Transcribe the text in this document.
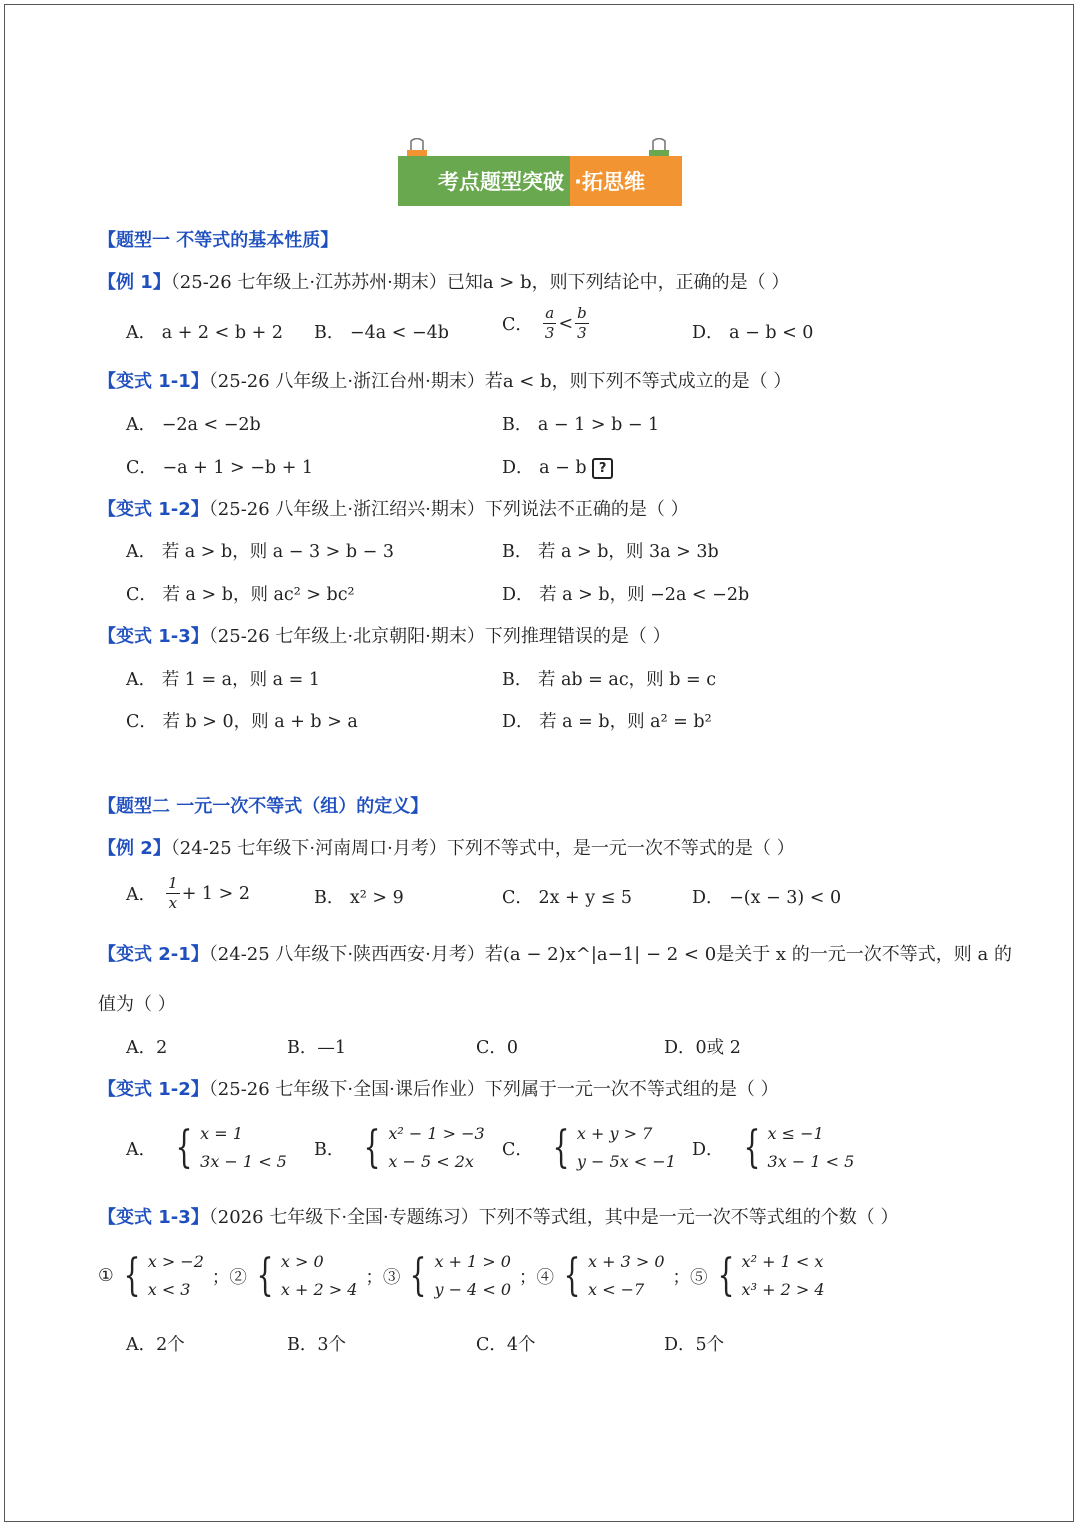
考点题型突破 ·拓思维
【题型一 不等式的基本性质】
【例 1】（25-26 七年级上·江苏苏州·期末）已知a > b，则下列结论中，正确的是（ ）
A． a + 2 < b + 2 B． −4a < −4b	C． $\frac{a}{3} < \frac{b}{3}$	D． a − b < 0
【变式 1-1】（25-26 八年级上·浙江台州·期末）若a < b，则下列不等式成立的是（ ）
A． −2a < −2b	B． a − 1 > b − 1
C． −a + 1 > −b + 1	D． a − b ?
【变式 1-2】（25-26 八年级上·浙江绍兴·期末）下列说法不正确的是（ ）
A． 若 a > b，则 a − 3 > b − 3	B． 若 a > b，则 3a > 3b
C． 若 a > b，则 ac² > bc²	D． 若 a > b，则 −2a < −2b
【变式 1-3】（25-26 七年级上·北京朝阳·期末）下列推理错误的是（ ）
A． 若 1 = a，则 a = 1	B． 若 ab = ac，则 b = c
C． 若 b > 0，则 a + b > a	D． 若 a = b，则 a² = b²
【题型二 一元一次不等式（组）的定义】
【例 2】（24-25 七年级下·河南周口·月考）下列不等式中，是一元一次不等式的是（ ）
A． $\frac{1}{x} + 1 > 2$	B． x² > 9	C． 2x + y ≤ 5	D． −(x − 3) < 0
【变式 2-1】（24-25 八年级下·陕西西安·月考）若(a − 2)x^|a−1| − 2 < 0是关于 x 的一元一次不等式，则 a 的
值为（ ）
A．2	B．—1	C．0	D．0或 2
【变式 1-2】（25-26 七年级下·全国·课后作业）下列属于一元一次不等式组的是（ ）
A． { x = 1
3x − 1 < 5
B． { x² − 1 > −3
x − 5 < 2x
C． { x + y > 7
y − 5x < −1
D． { x ≤ −1
3x − 1 < 5
【变式 1-3】（2026 七年级下·全国·专题练习）下列不等式组，其中是一元一次不等式组的个数（ ）
① { x > −2
x < 3
；② { x > 0
x + 2 > 4
；③ { x + 1 > 0
y − 4 < 0
；④ { x + 3 > 0
x < −7
；⑤ { x² + 1 < x
x³ + 2 > 4
A．2个	B．3个	C．4个	D．5个
